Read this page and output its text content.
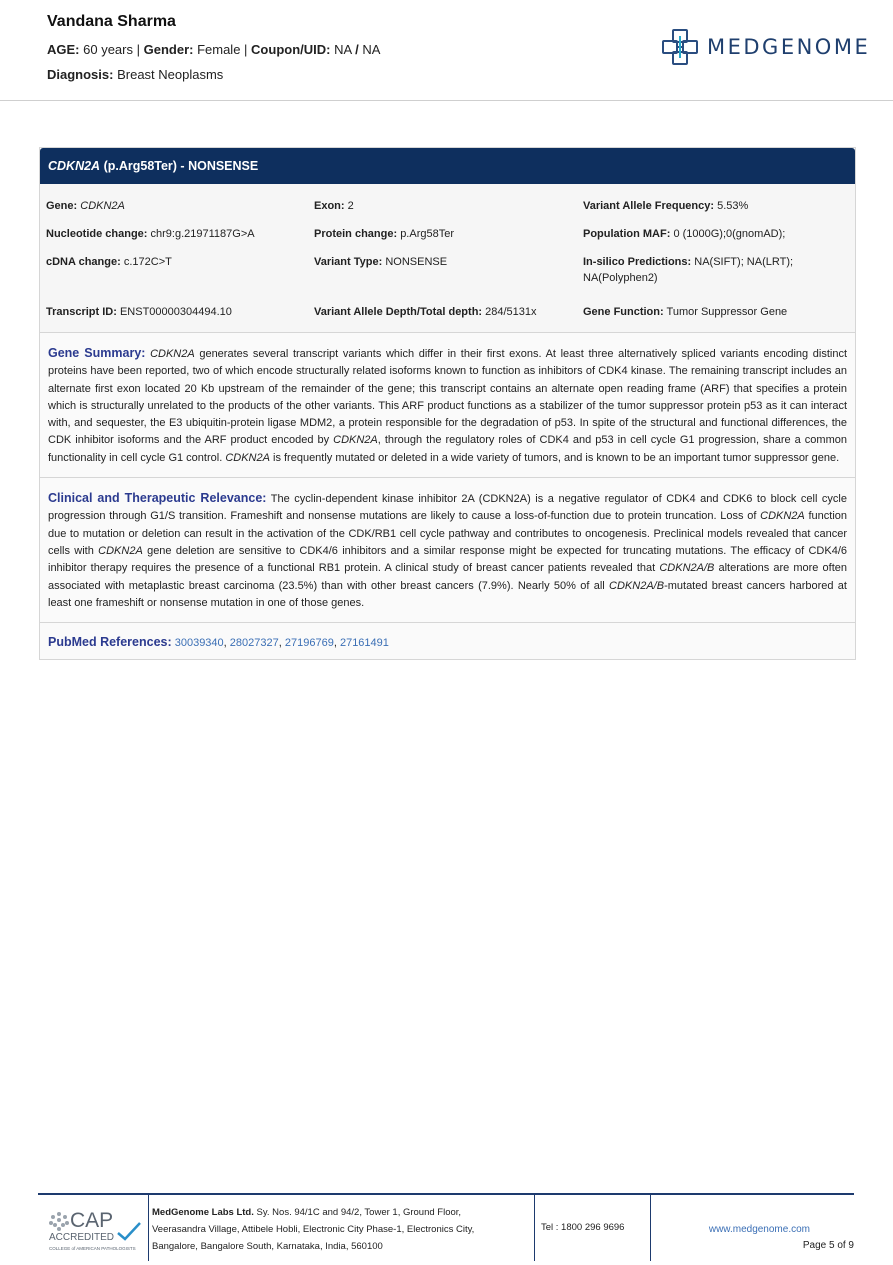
Vandana Sharma
AGE: 60 years | Gender: Female | Coupon/UID: NA / NA
Diagnosis: Breast Neoplasms
MEDGENOME
CDKN2A (p.Arg58Ter) - NONSENSE
Gene: CDKN2A	Exon: 2	Variant Allele Frequency: 5.53%
Nucleotide change: chr9:g.21971187G>A	Protein change: p.Arg58Ter	Population MAF: 0 (1000G);0(gnomAD);
cDNA change: c.172C>T	Variant Type: NONSENSE	In-silico Predictions: NA(SIFT); NA(LRT);
NA(Polyphen2)
Transcript ID: ENST00000304494.10	Variant Allele Depth/Total depth: 284/5131x	Gene Function: Tumor Suppressor Gene
Gene Summary: CDKN2A generates several transcript variants which differ in their first exons. At least three alternatively spliced variants encoding distinct proteins have been reported, two of which encode structurally related isoforms known to function as inhibitors of CDK4 kinase. The remaining transcript includes an alternate first exon located 20 Kb upstream of the remainder of the gene; this transcript contains an alternate open reading frame (ARF) that specifies a protein which is structurally unrelated to the products of the other variants. This ARF product functions as a stabilizer of the tumor suppressor protein p53 as it can interact with, and sequester, the E3 ubiquitin-protein ligase MDM2, a protein responsible for the degradation of p53. In spite of the structural and functional differences, the CDK inhibitor isoforms and the ARF product encoded by CDKN2A, through the regulatory roles of CDK4 and p53 in cell cycle G1 progression, share a common functionality in cell cycle G1 control. CDKN2A is frequently mutated or deleted in a wide variety of tumors, and is known to be an important tumor suppressor gene.
Clinical and Therapeutic Relevance: The cyclin-dependent kinase inhibitor 2A (CDKN2A) is a negative regulator of CDK4 and CDK6 to block cell cycle progression through G1/S transition. Frameshift and nonsense mutations are likely to cause a loss-of-function due to protein truncation. Loss of CDKN2A function due to mutation or deletion can result in the activation of the CDK/RB1 cell cycle pathway and contributes to oncogenesis. Preclinical models revealed that cancer cells with CDKN2A gene deletion are sensitive to CDK4/6 inhibitors and a similar response might be expected for truncating mutations. The efficacy of CDK4/6 inhibitor therapy requires the presence of a functional RB1 protein. A clinical study of breast cancer patients revealed that CDKN2A/B alterations are more often associated with metaplastic breast carcinoma (23.5%) than with other breast cancers (7.9%). Nearly 50% of all CDKN2A/B-mutated breast cancers harbored at least one frameshift or nonsense mutation in one of those genes.
PubMed References: 30039340, 28027327, 27196769, 27161491
CAP
ACCREDITED
COLLEGE of AMERICAN PATHOLOGISTS
MedGenome Labs Ltd. Sy. Nos. 94/1C and 94/2, Tower 1, Ground Floor,
Veerasandra Village, Attibele Hobli, Electronic City Phase-1, Electronics City,
Bangalore, Bangalore South, Karnataka, India, 560100
Tel : 1800 296 9696	www.medgenome.com
Page 5 of 9
